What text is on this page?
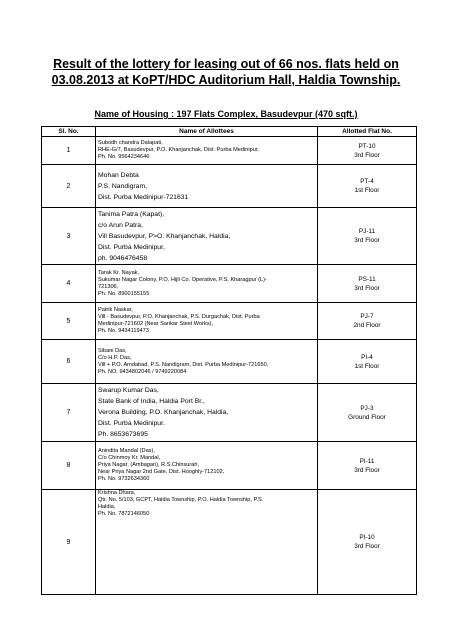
Result of the lottery for leasing out of 66 nos. flats held on
03.08.2013 at KoPT/HDC Auditorium Hall, Haldia Township.
Name of Housing : 197 Flats Complex, Basudevpur (470 sqft.)
Sl. No.	Name of Allottees	Allotted Flat No.
1	Subodh chandra Dalapati,
RHE-G/7, Basudevpur, P.O. Khanjanchak, Dist. Purba Medinipur.
Ph. No. 9564234646	PT-10
3rd Floor

2	Mohan Debta
P.S. Nandigram,
Dist. Purba Medinipur-721631	PT-4
1st Floor

3	Tanima Patra (Kapat),
c/o Arun Patra,
Vill Basudevpur, P>O. Khanjanchak, Haldia,
Dist. Purba Medinipur,
ph. 9046476458	PJ-11
3rd Floor

4	Tarak Kr. Nayak,
Sukumar Nagar Colony, P.O. Hijli Co. Operative, P.S. Kharagpur (L)-
721306,
Ph. No. 8900155155	PS-11
3rd Floor

5	Patrik Naskar,
Vill - Basudevpur, P.O. Khanjanchak, P.S. Durgachak, Dist. Purba
Medinipur-721602 (Near Sankar Steel Works),
Ph. No. 9434119473	PJ-7
2nd Floor

6	Sibani Das,
C/o H.P. Das,
Vill + P.O. Amdabad, P.S. Nandigram, Dist. Purba Medinipur-721650,
Ph. NO. 9434802046 / 9749220084	PI-4
1st Floor

7	Swarup Kumar Das,
State Bank of India, Haldia Port Br.,
Verona Building, P.O. Khanjanchak, Haldia,
Dist. Purba Medinipur.
Ph. 8653673695	PJ-3
Ground Floor

8	Anindita Mandal (Das),
C/o Chinmoy Kr. Mandal,
Priya Nagar, (Ambagan), R.S.Chinsurah,
Near Priya Nagar 2nd Gate, Dist. Hooghly-712102,
Ph. No. 9732634360	PI-11
3rd Floor

9	Krishna Dhara,
Qtr. No. 5/103, GCPT, Haldia Township, P.O. Haldia Township, P.S.
Haldia,
Ph. No. 7872146050	PI-10
3rd Floor
